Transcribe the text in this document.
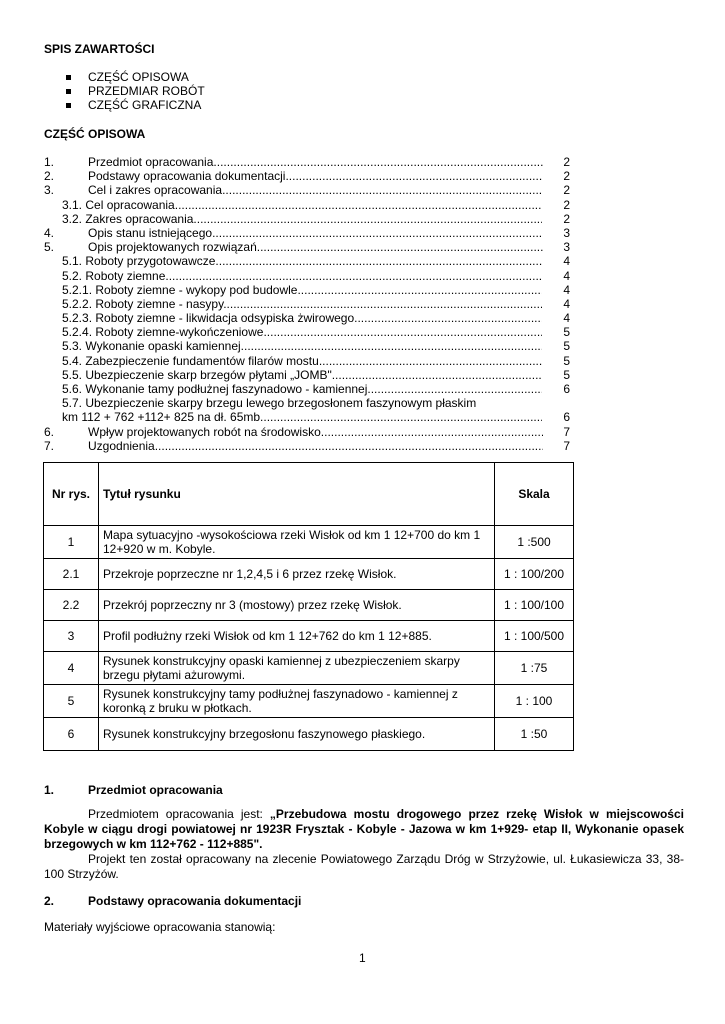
SPIS ZAWARTOŚCI
CZĘŚĆ OPISOWA
PRZEDMIAR ROBÓT
CZĘŚĆ GRAFICZNA
CZĘŚĆ OPISOWA
1.	Przedmiot opracowania .....	2
2.	Podstawy opracowania dokumentacji .....	2
3.	Cel i zakres opracowania .....	2
3.1. Cel opracowania .....	2
3.2. Zakres opracowania .....	2
4.	Opis stanu istniejącego .....	3
5.	Opis projektowanych rozwiązań .....	3
5.1. Roboty przygotowawcze .....	4
5.2. Roboty ziemne .....	4
5.2.1. Roboty ziemne - wykopy pod budowle .....	4
5.2.2. Roboty ziemne - nasypy .....	4
5.2.3. Roboty ziemne - likwidacja odsypiska żwirowego .....	4
5.2.4. Roboty ziemne-wykończeniowe .....	5
5.3. Wykonanie opaski kamiennej .....	5
5.4. Zabezpieczenie fundamentów filarów mostu .....	5
5.5. Ubezpieczenie skarp brzegów płytami „JOMB" .....	5
5.6. Wykonanie tamy podłużnej faszynadowo - kamiennej .....	6
5.7. Ubezpieczenie skarpy brzegu lewego brzegosłonem faszynowym płaskim
km 112 + 762 +112+ 825 na dł. 65mb .....	6
6.	Wpływ projektowanych robót na środowisko .....	7
7.	Uzgodnienia .....	7
Nr rys.	Tytuł rysunku	Skala
1	Mapa sytuacyjno -wysokościowa rzeki Wisłok od km 1 12+700 do km 1 12+920 w m. Kobyle.	1 :500
2.1	Przekroje poprzeczne nr 1,2,4,5 i 6 przez rzekę Wisłok.	1 : 100/200
2.2	Przekrój poprzeczny nr 3 (mostowy) przez rzekę Wisłok.	1 : 100/100
3	Profil podłużny rzeki Wisłok od km 1 12+762 do km 1 12+885.	1 : 100/500
4	Rysunek konstrukcyjny opaski kamiennej z ubezpieczeniem skarpy brzegu płytami ażurowymi.	1 :75
5	Rysunek konstrukcyjny tamy podłużnej faszynadowo - kamiennej z koronką z bruku w płotkach.	1 : 100
6	Rysunek konstrukcyjny brzegosłonu faszynowego płaskiego.	1 :50
1.	Przedmiot opracowania
Przedmiotem opracowania jest: „Przebudowa mostu drogowego przez rzekę Wisłok w miejscowości Kobyle w ciągu drogi powiatowej nr 1923R Frysztak - Kobyle - Jazowa w km 1+929- etap II, Wykonanie opasek brzegowych w km 112+762 - 112+885".
Projekt ten został opracowany na zlecenie Powiatowego Zarządu Dróg w Strzyżowie, ul. Łukasiewicza 33, 38-100 Strzyżów.
2.	Podstawy opracowania dokumentacji
Materiały wyjściowe opracowania stanowią:
1
